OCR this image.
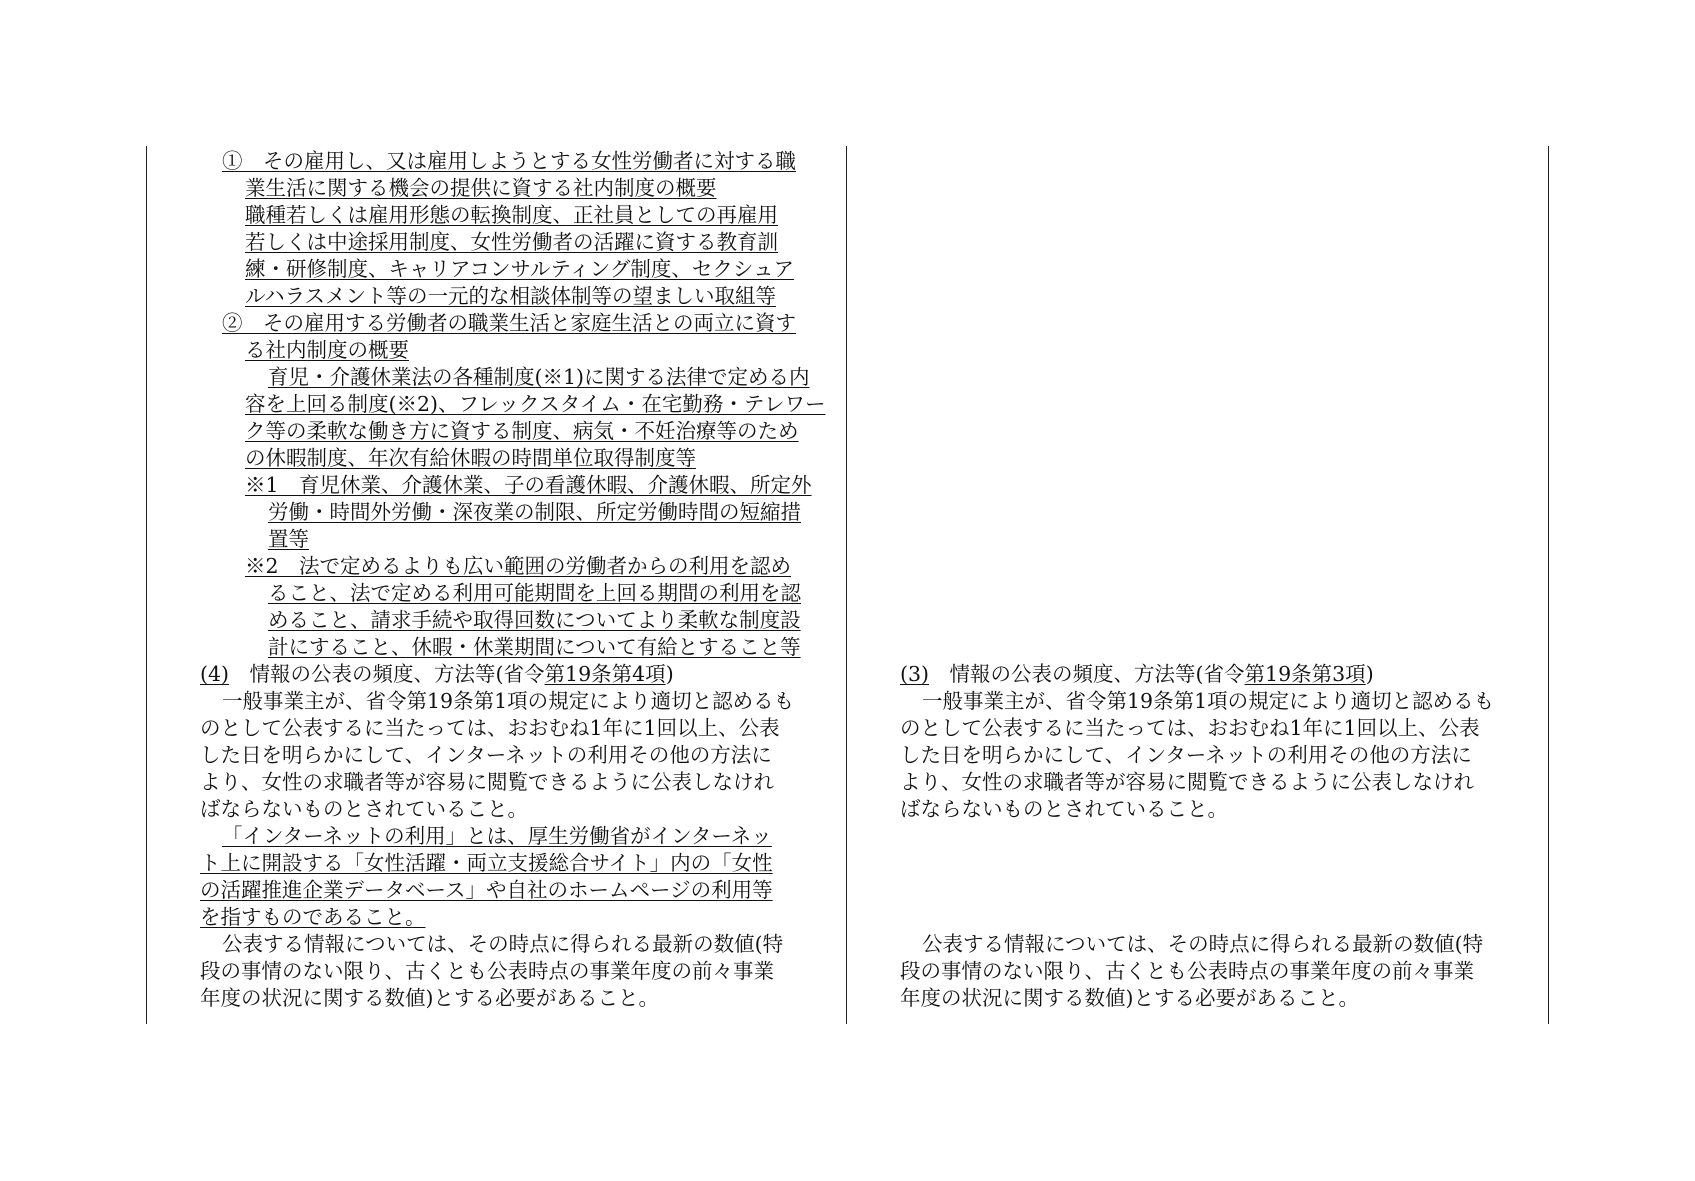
①　その雇用し、又は雇用しようとする女性労働者に対する職
業生活に関する機会の提供に資する社内制度の概要
職種若しくは雇用形態の転換制度、正社員としての再雇用
若しくは中途採用制度、女性労働者の活躍に資する教育訓
練・研修制度、キャリアコンサルティング制度、セクシュア
ルハラスメント等の一元的な相談体制等の望ましい取組等
②　その雇用する労働者の職業生活と家庭生活との両立に資す
る社内制度の概要
育児・介護休業法の各種制度(※1)に関する法律で定める内
容を上回る制度(※2)、フレックスタイム・在宅勤務・テレワー
ク等の柔軟な働き方に資する制度、病気・不妊治療等のため
の休暇制度、年次有給休暇の時間単位取得制度等
※1　育児休業、介護休業、子の看護休暇、介護休暇、所定外
労働・時間外労働・深夜業の制限、所定労働時間の短縮措
置等
※2　法で定めるよりも広い範囲の労働者からの利用を認め
ること、法で定める利用可能期間を上回る期間の利用を認
めること、請求手続や取得回数についてより柔軟な制度設
計にすること、休暇・休業期間について有給とすること等
(4)　情報の公表の頻度、方法等(省令第19条第4項)
一般事業主が、省令第19条第1項の規定により適切と認めるも
のとして公表するに当たっては、おおむね1年に1回以上、公表
した日を明らかにして、インターネットの利用その他の方法に
より、女性の求職者等が容易に閲覧できるように公表しなけれ
ばならないものとされていること。
「インターネットの利用」とは、厚生労働省がインターネッ
ト上に開設する「女性活躍・両立支援総合サイト」内の「女性
の活躍推進企業データベース」や自社のホームページの利用等
を指すものであること。
公表する情報については、その時点に得られる最新の数値(特
段の事情のない限り、古くとも公表時点の事業年度の前々事業
年度の状況に関する数値)とする必要があること。
(3)　情報の公表の頻度、方法等(省令第19条第3項)
一般事業主が、省令第19条第1項の規定により適切と認めるも
のとして公表するに当たっては、おおむね1年に1回以上、公表
した日を明らかにして、インターネットの利用その他の方法に
より、女性の求職者等が容易に閲覧できるように公表しなけれ
ばならないものとされていること。
公表する情報については、その時点に得られる最新の数値(特
段の事情のない限り、古くとも公表時点の事業年度の前々事業
年度の状況に関する数値)とする必要があること。
